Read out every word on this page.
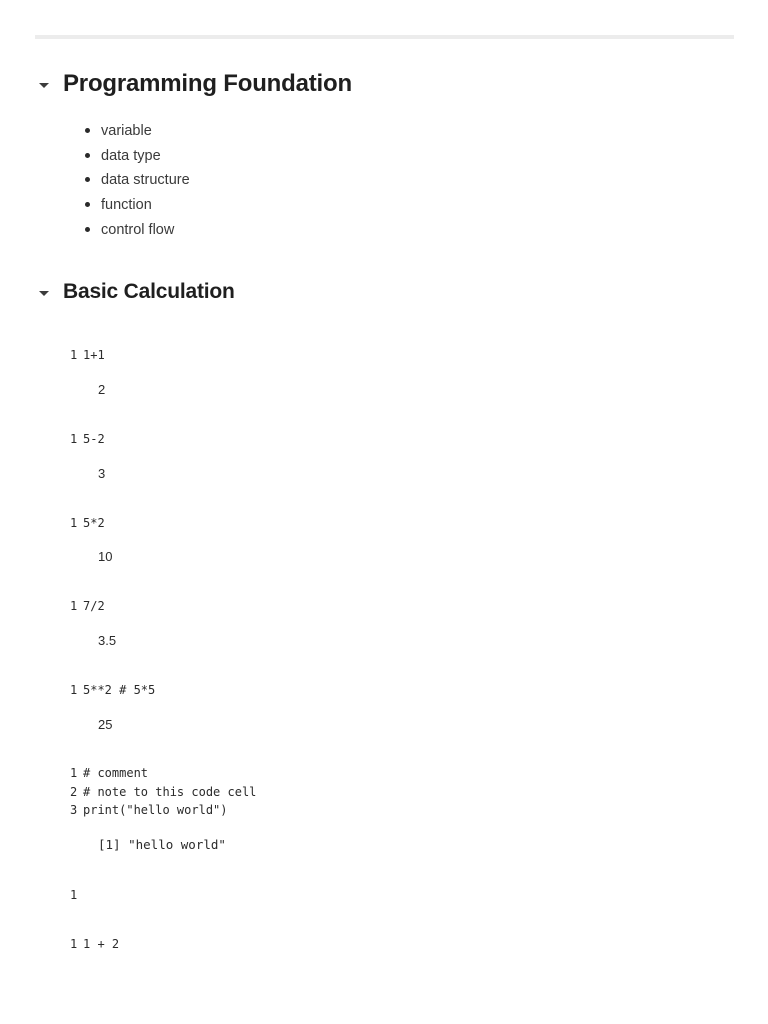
Programming Foundation
variable
data type
data structure
function
control flow
Basic Calculation
1 1+1
2
1 5-2
3
1 5*2
10
1 7/2
3.5
1 5**2 # 5*5
25
1 # comment
2 # note to this code cell
3 print("hello world")
[1] "hello world"
1
1 1 + 2
